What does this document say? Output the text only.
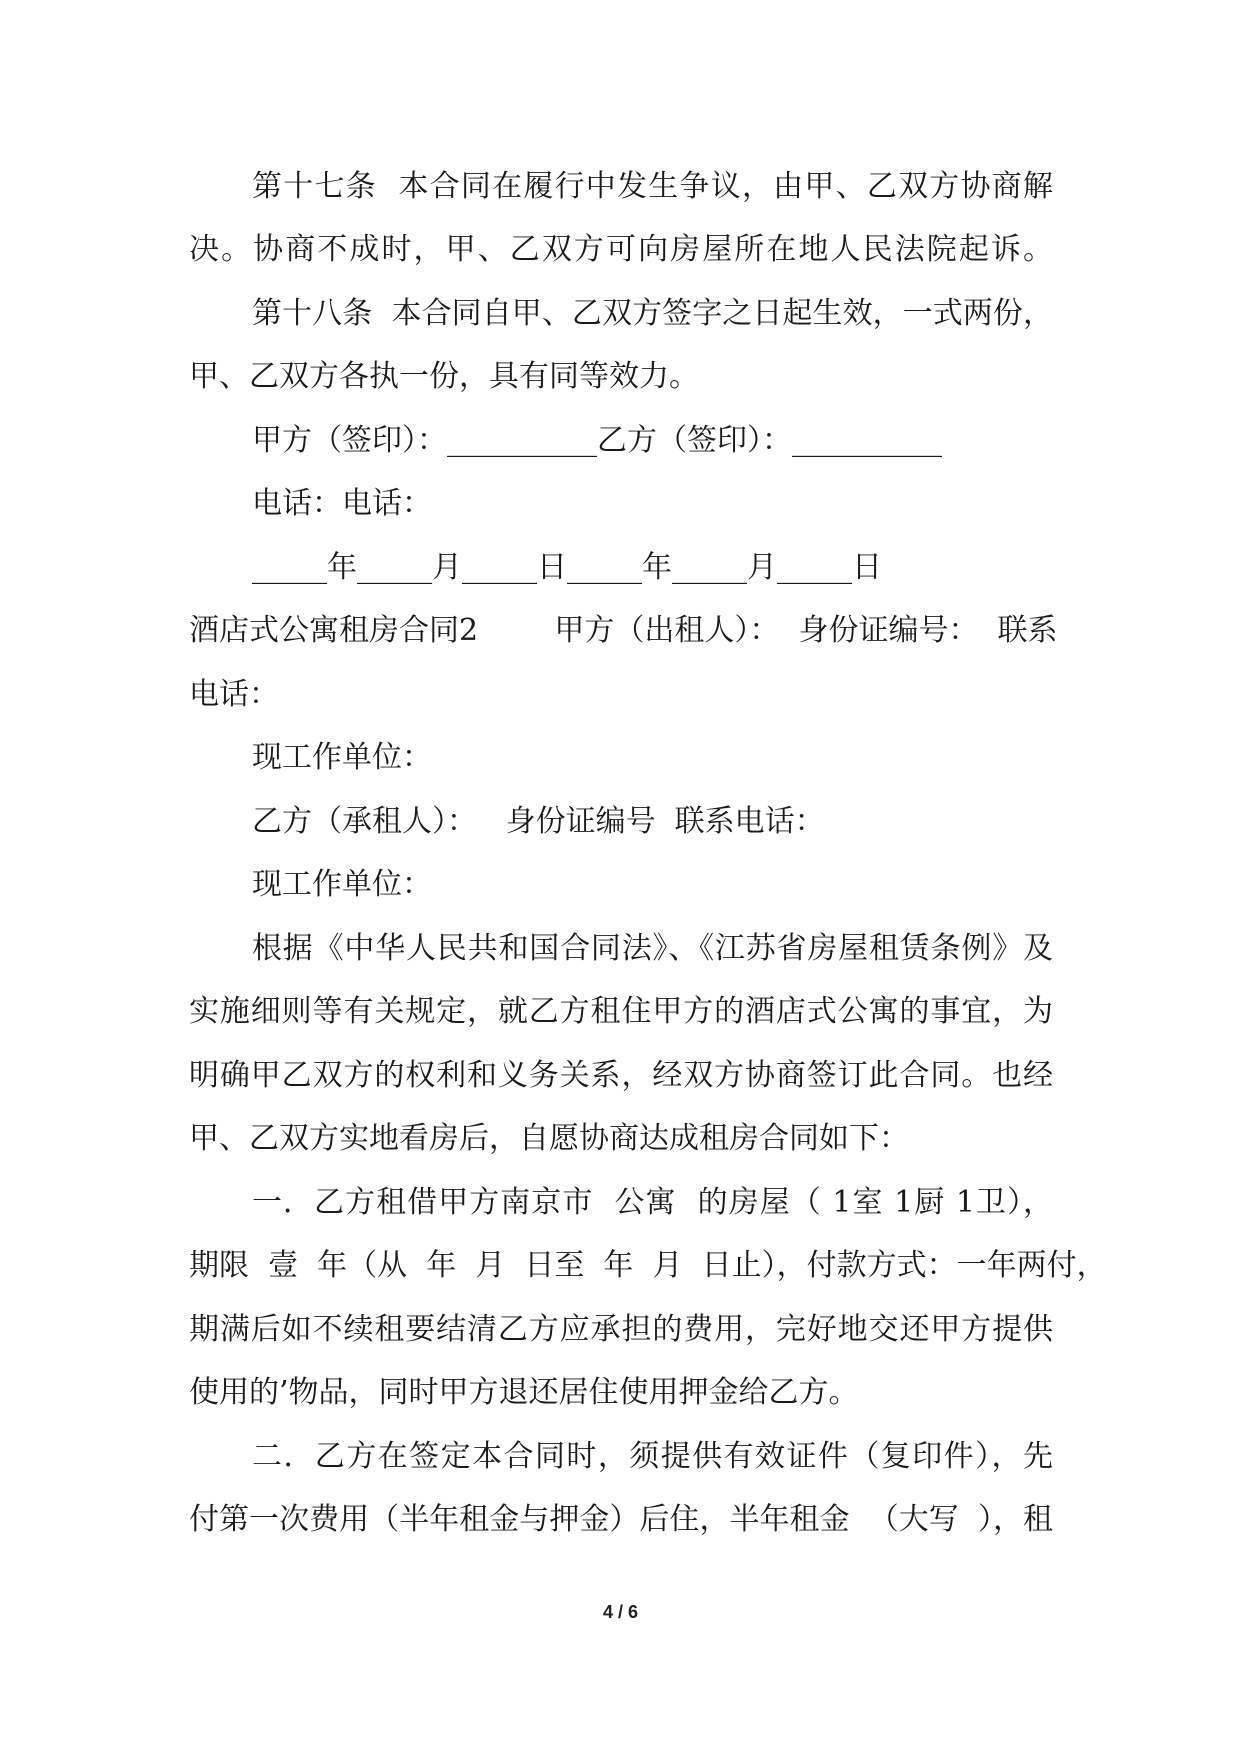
第十七条  本合同在履行中发生争议，由甲、乙双方协商解
决。协商不成时，甲、乙双方可向房屋所在地人民法院起诉。
第十八条  本合同自甲、乙双方签字之日起生效，一式两份，
甲、乙双方各执一份，具有同等效力。
甲方（签印）：__________乙方（签印）：__________
电话：电话：
_____年_____月_____日_____年_____月_____日
酒店式公寓租房合同2        甲方（出租人）：  身份证编号：  联系
电话：
现工作单位：
乙方（承租人）：   身份证编号  联系电话：
现工作单位：
根据《中华人民共和国合同法》、《江苏省房屋租赁条例》及
实施细则等有关规定，就乙方租住甲方的酒店式公寓的事宜，为
明确甲乙双方的权利和义务关系，经双方协商签订此合同。也经
甲、乙双方实地看房后，自愿协商达成租房合同如下：
一．乙方租借甲方南京市  公寓  的房屋（ 1室 1厨 1卫），
期限  壹  年（从  年  月  日至  年  月  日止），付款方式：一年两付，
期满后如不续租要结清乙方应承担的费用，完好地交还甲方提供
使用的’物品，同时甲方退还居住使用押金给乙方。
二．乙方在签定本合同时，须提供有效证件（复印件），先
付第一次费用（半年租金与押金）后住，半年租金  （大写  ），租
4 / 6
